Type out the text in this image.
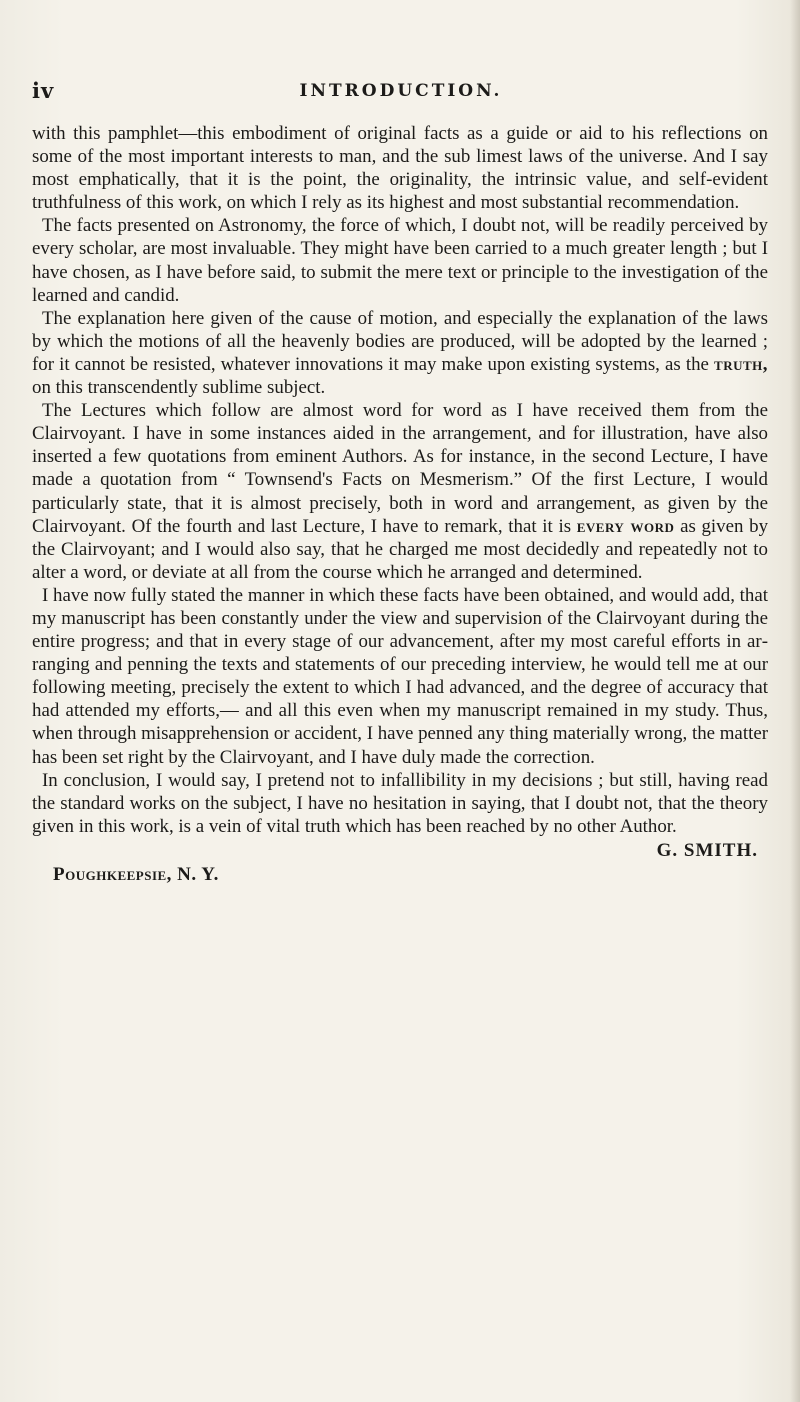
iv	INTRODUCTION.

with this pamphlet—this embodiment of original facts as a guide or aid to his reflections on some of the most important interests to man, and the sub limest laws of the universe. And I say most emphatically, that it is the point, the originality, the intrinsic value, and self-evident truthfulness of this work, on which I rely as its highest and most substantial recommendation.

The facts presented on Astronomy, the force of which, I doubt not, will be readily perceived by every scholar, are most invaluable. They might have been carried to a much greater length ; but I have chosen, as I have before said, to submit the mere text or principle to the investigation of the learned and candid.

The explanation here given of the cause of motion, and especially the explanation of the laws by which the motions of all the heavenly bodies are produced, will be adopted by the learned ; for it cannot be resisted, whatever innovations it may make upon existing systems, as the truth, on this transcendently sublime subject.

The Lectures which follow are almost word for word as I have received them from the Clairvoyant. I have in some instances aided in the arrangement, and for illustration, have also inserted a few quotations from eminent Authors. As for instance, in the second Lecture, I have made a quotation from “ Townsend's Facts on Mesmerism.” Of the first Lecture, I would particularly state, that it is almost precisely, both in word and arrangement, as given by the Clairvoyant. Of the fourth and last Lecture, I have to remark, that it is every word as given by the Clairvoyant; and I would also say, that he charged me most decidedly and repeatedly not to alter a word, or deviate at all from the course which he arranged and determined.

I have now fully stated the manner in which these facts have been obtained, and would add, that my manuscript has been constantly under the view and supervision of the Clairvoyant during the entire progress; and that in every stage of our advancement, after my most careful efforts in arranging and penning the texts and statements of our preceding interview, he would tell me at our following meeting, precisely the extent to which I had advanced, and the degree of accuracy that had attended my efforts,— and all this even when my manuscript remained in my study. Thus, when through misapprehension or accident, I have penned any thing materially wrong, the matter has been set right by the Clairvoyant, and I have duly made the correction.

In conclusion, I would say, I pretend not to infallibility in my decisions ; but still, having read the standard works on the subject, I have no hesitation in saying, that I doubt not, that the theory given in this work, is a vein of vital truth which has been reached by no other Author.

G. SMITH.
Poughkeepsie, N. Y.
